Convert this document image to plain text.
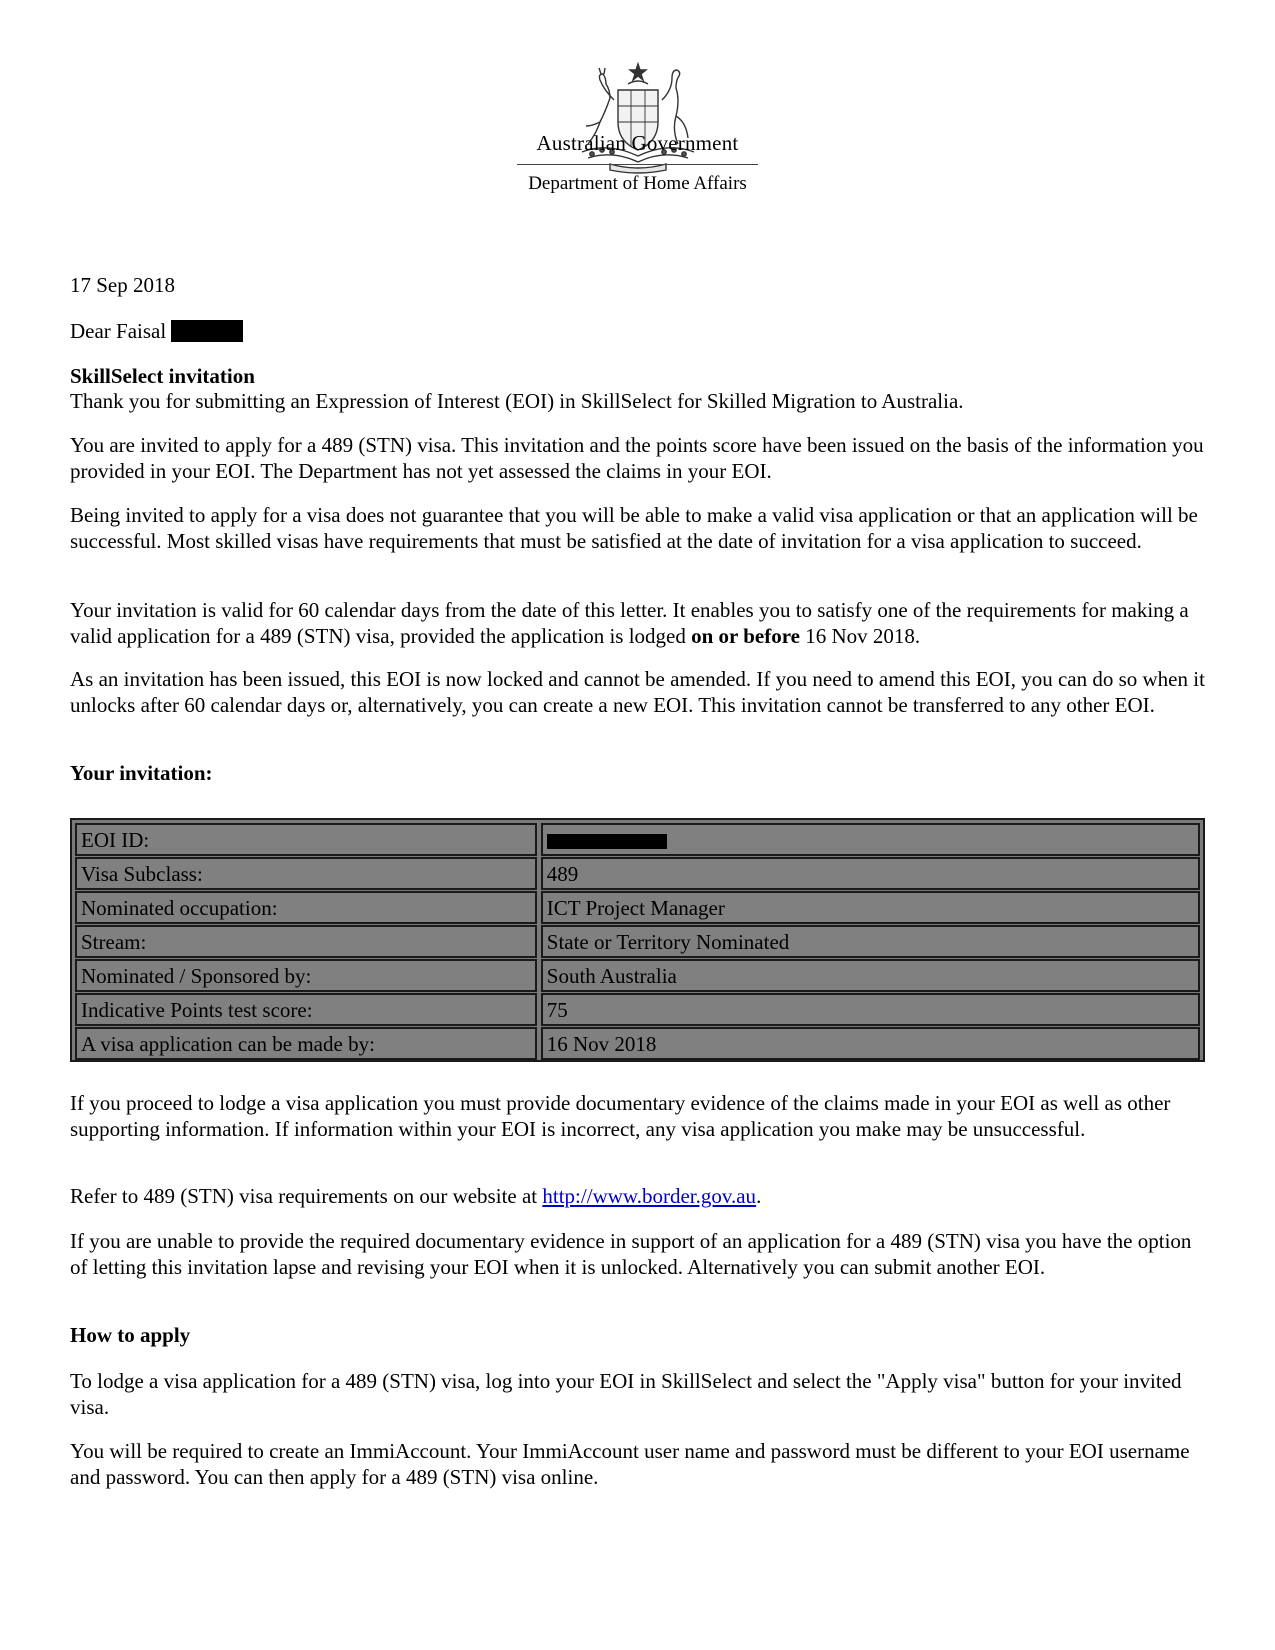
Australian Government
Department of Home Affairs

17 Sep 2018

Dear Faisal

SkillSelect invitation

Thank you for submitting an Expression of Interest (EOI) in SkillSelect for Skilled Migration to Australia.

You are invited to apply for a 489 (STN) visa. This invitation and the points score have been issued on the basis of the information you provided in your EOI. The Department has not yet assessed the claims in your EOI.

Being invited to apply for a visa does not guarantee that you will be able to make a valid visa application or that an application will be successful. Most skilled visas have requirements that must be satisfied at the date of invitation for a visa application to succeed.

Your invitation is valid for 60 calendar days from the date of this letter. It enables you to satisfy one of the requirements for making a valid application for a 489 (STN) visa, provided the application is lodged on or before 16 Nov 2018.

As an invitation has been issued, this EOI is now locked and cannot be amended. If you need to amend this EOI, you can do so when it unlocks after 60 calendar days or, alternatively, you can create a new EOI. This invitation cannot be transferred to any other EOI.

Your invitation:

EOI ID:
Visa Subclass:	489
Nominated occupation:	ICT Project Manager
Stream:	State or Territory Nominated
Nominated / Sponsored by:	South Australia
Indicative Points test score:	75
A visa application can be made by:	16 Nov 2018

If you proceed to lodge a visa application you must provide documentary evidence of the claims made in your EOI as well as other supporting information. If information within your EOI is incorrect, any visa application you make may be unsuccessful.

Refer to 489 (STN) visa requirements on our website at http://www.border.gov.au.

If you are unable to provide the required documentary evidence in support of an application for a 489 (STN) visa you have the option of letting this invitation lapse and revising your EOI when it is unlocked. Alternatively you can submit another EOI.

How to apply

To lodge a visa application for a 489 (STN) visa, log into your EOI in SkillSelect and select the "Apply visa" button for your invited visa.

You will be required to create an ImmiAccount. Your ImmiAccount user name and password must be different to your EOI username and password. You can then apply for a 489 (STN) visa online.
